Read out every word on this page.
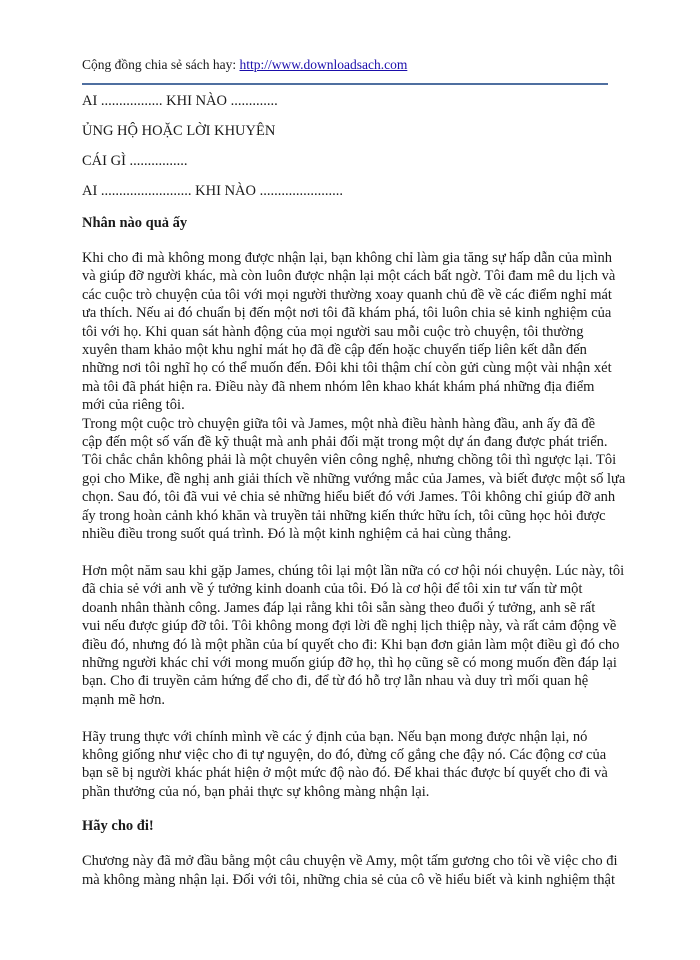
Cộng đồng chia sẻ sách hay: http://www.downloadsach.com

AI ................. KHI NÀO .............

ỦNG HỘ HOẶC LỜI KHUYÊN

CÁI GÌ ................

AI ......................... KHI NÀO .......................

Nhân nào quả ấy

Khi cho đi mà không mong được nhận lại, bạn không chỉ làm gia tăng sự hấp dẫn của mình
và giúp đỡ người khác, mà còn luôn được nhận lại một cách bất ngờ. Tôi đam mê du lịch và
các cuộc trò chuyện của tôi với mọi người thường xoay quanh chủ đề về các điểm nghỉ mát
ưa thích. Nếu ai đó chuẩn bị đến một nơi tôi đã khám phá, tôi luôn chia sẻ kinh nghiệm của
tôi với họ. Khi quan sát hành động của mọi người sau mỗi cuộc trò chuyện, tôi thường
xuyên tham khảo một khu nghỉ mát họ đã đề cập đến hoặc chuyển tiếp liên kết dẫn đến
những nơi tôi nghĩ họ có thể muốn đến. Đôi khi tôi thậm chí còn gửi cùng một vài nhận xét
mà tôi đã phát hiện ra. Điều này đã nhem nhóm lên khao khát khám phá những địa điểm
mới của riêng tôi.

Trong một cuộc trò chuyện giữa tôi và James, một nhà điều hành hàng đầu, anh ấy đã đề
cập đến một số vấn đề kỹ thuật mà anh phải đối mặt trong một dự án đang được phát triển.
Tôi chắc chắn không phải là một chuyên viên công nghệ, nhưng chồng tôi thì ngược lại. Tôi
gọi cho Mike, đề nghị anh giải thích về những vướng mắc của James, và biết được một số lựa
chọn. Sau đó, tôi đã vui vẻ chia sẻ những hiểu biết đó với James. Tôi không chỉ giúp đỡ anh
ấy trong hoàn cảnh khó khăn và truyền tải những kiến thức hữu ích, tôi cũng học hỏi được
nhiều điều trong suốt quá trình. Đó là một kinh nghiệm cả hai cùng thắng.

Hơn một năm sau khi gặp James, chúng tôi lại một lần nữa có cơ hội nói chuyện. Lúc này, tôi
đã chia sẻ với anh về ý tưởng kinh doanh của tôi. Đó là cơ hội để tôi xin tư vấn từ một
doanh nhân thành công. James đáp lại rằng khi tôi sẵn sàng theo đuổi ý tưởng, anh sẽ rất
vui nếu được giúp đỡ tôi. Tôi không mong đợi lời đề nghị lịch thiệp này, và rất cảm động về
điều đó, nhưng đó là một phần của bí quyết cho đi: Khi bạn đơn giản làm một điều gì đó cho
những người khác chỉ với mong muốn giúp đỡ họ, thì họ cũng sẽ có mong muốn đền đáp lại
bạn. Cho đi truyền cảm hứng để cho đi, để từ đó hỗ trợ lẫn nhau và duy trì mối quan hệ
mạnh mẽ hơn.

Hãy trung thực với chính mình về các ý định của bạn. Nếu bạn mong được nhận lại, nó
không giống như việc cho đi tự nguyện, do đó, đừng cố gắng che đậy nó. Các động cơ của
bạn sẽ bị người khác phát hiện ở một mức độ nào đó. Để khai thác được bí quyết cho đi và
phần thưởng của nó, bạn phải thực sự không màng nhận lại.

Hãy cho đi!

Chương này đã mở đầu bằng một câu chuyện về Amy, một tấm gương cho tôi về việc cho đi
mà không màng nhận lại. Đối với tôi, những chia sẻ của cô về hiểu biết và kinh nghiệm thật
